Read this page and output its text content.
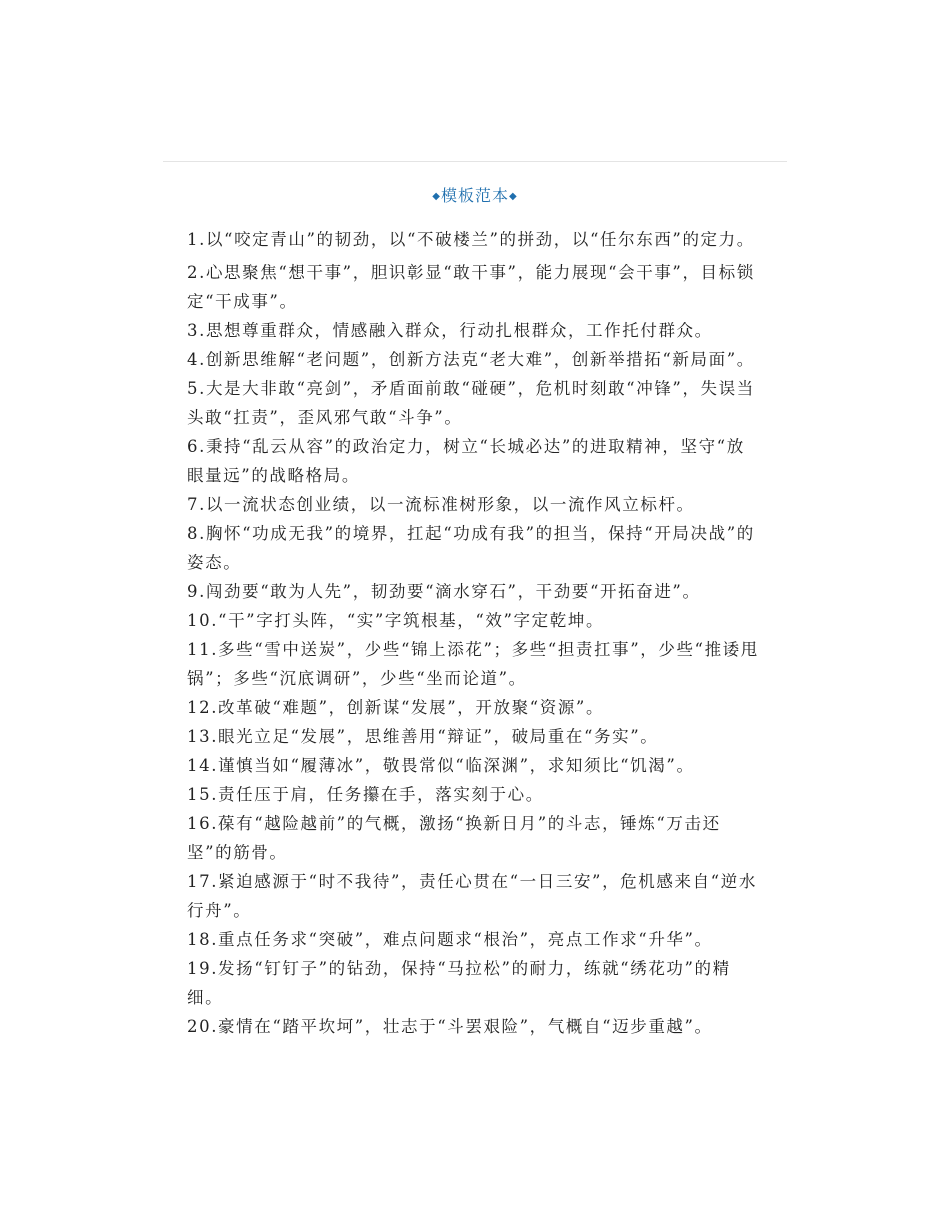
◆模板范本◆

1.以“咬定青山”的韧劲，以“不破楼兰”的拼劲，以“任尔东西”的定力。

2.心思聚焦“想干事”，胆识彰显“敢干事”，能力展现“会干事”，目标锁定“干成事”。

3.思想尊重群众，情感融入群众，行动扎根群众，工作托付群众。

4.创新思维解“老问题”，创新方法克“老大难”，创新举措拓“新局面”。

5.大是大非敢“亮剑”，矛盾面前敢“碰硬”，危机时刻敢“冲锋”，失误当头敢“扛责”，歪风邪气敢“斗争”。

6.秉持“乱云从容”的政治定力，树立“长城必达”的进取精神，坚守“放眼量远”的战略格局。

7.以一流状态创业绩，以一流标准树形象，以一流作风立标杆。

8.胸怀“功成无我”的境界，扛起“功成有我”的担当，保持“开局决战”的姿态。

9.闯劲要“敢为人先”，韧劲要“滴水穿石”，干劲要“开拓奋进”。

10.“干”字打头阵，“实”字筑根基，“效”字定乾坤。

11.多些“雪中送炭”，少些“锦上添花”；多些“担责扛事”，少些“推诿甩锅”；多些“沉底调研”，少些“坐而论道”。

12.改革破“难题”，创新谋“发展”，开放聚“资源”。

13.眼光立足“发展”，思维善用“辩证”，破局重在“务实”。

14.谨慎当如“履薄冰”，敬畏常似“临深渊”，求知须比“饥渴”。

15.责任压于肩，任务攥在手，落实刻于心。

16.葆有“越险越前”的气概，激扬“换新日月”的斗志，锤炼“万击还坚”的筋骨。

17.紧迫感源于“时不我待”，责任心贯在“一日三安”，危机感来自“逆水行舟”。

18.重点任务求“突破”，难点问题求“根治”，亮点工作求“升华”。

19.发扬“钉钉子”的钻劲，保持“马拉松”的耐力，练就“绣花功”的精细。

20.豪情在“踏平坎坷”，壮志于“斗罢艰险”，气概自“迈步重越”。
